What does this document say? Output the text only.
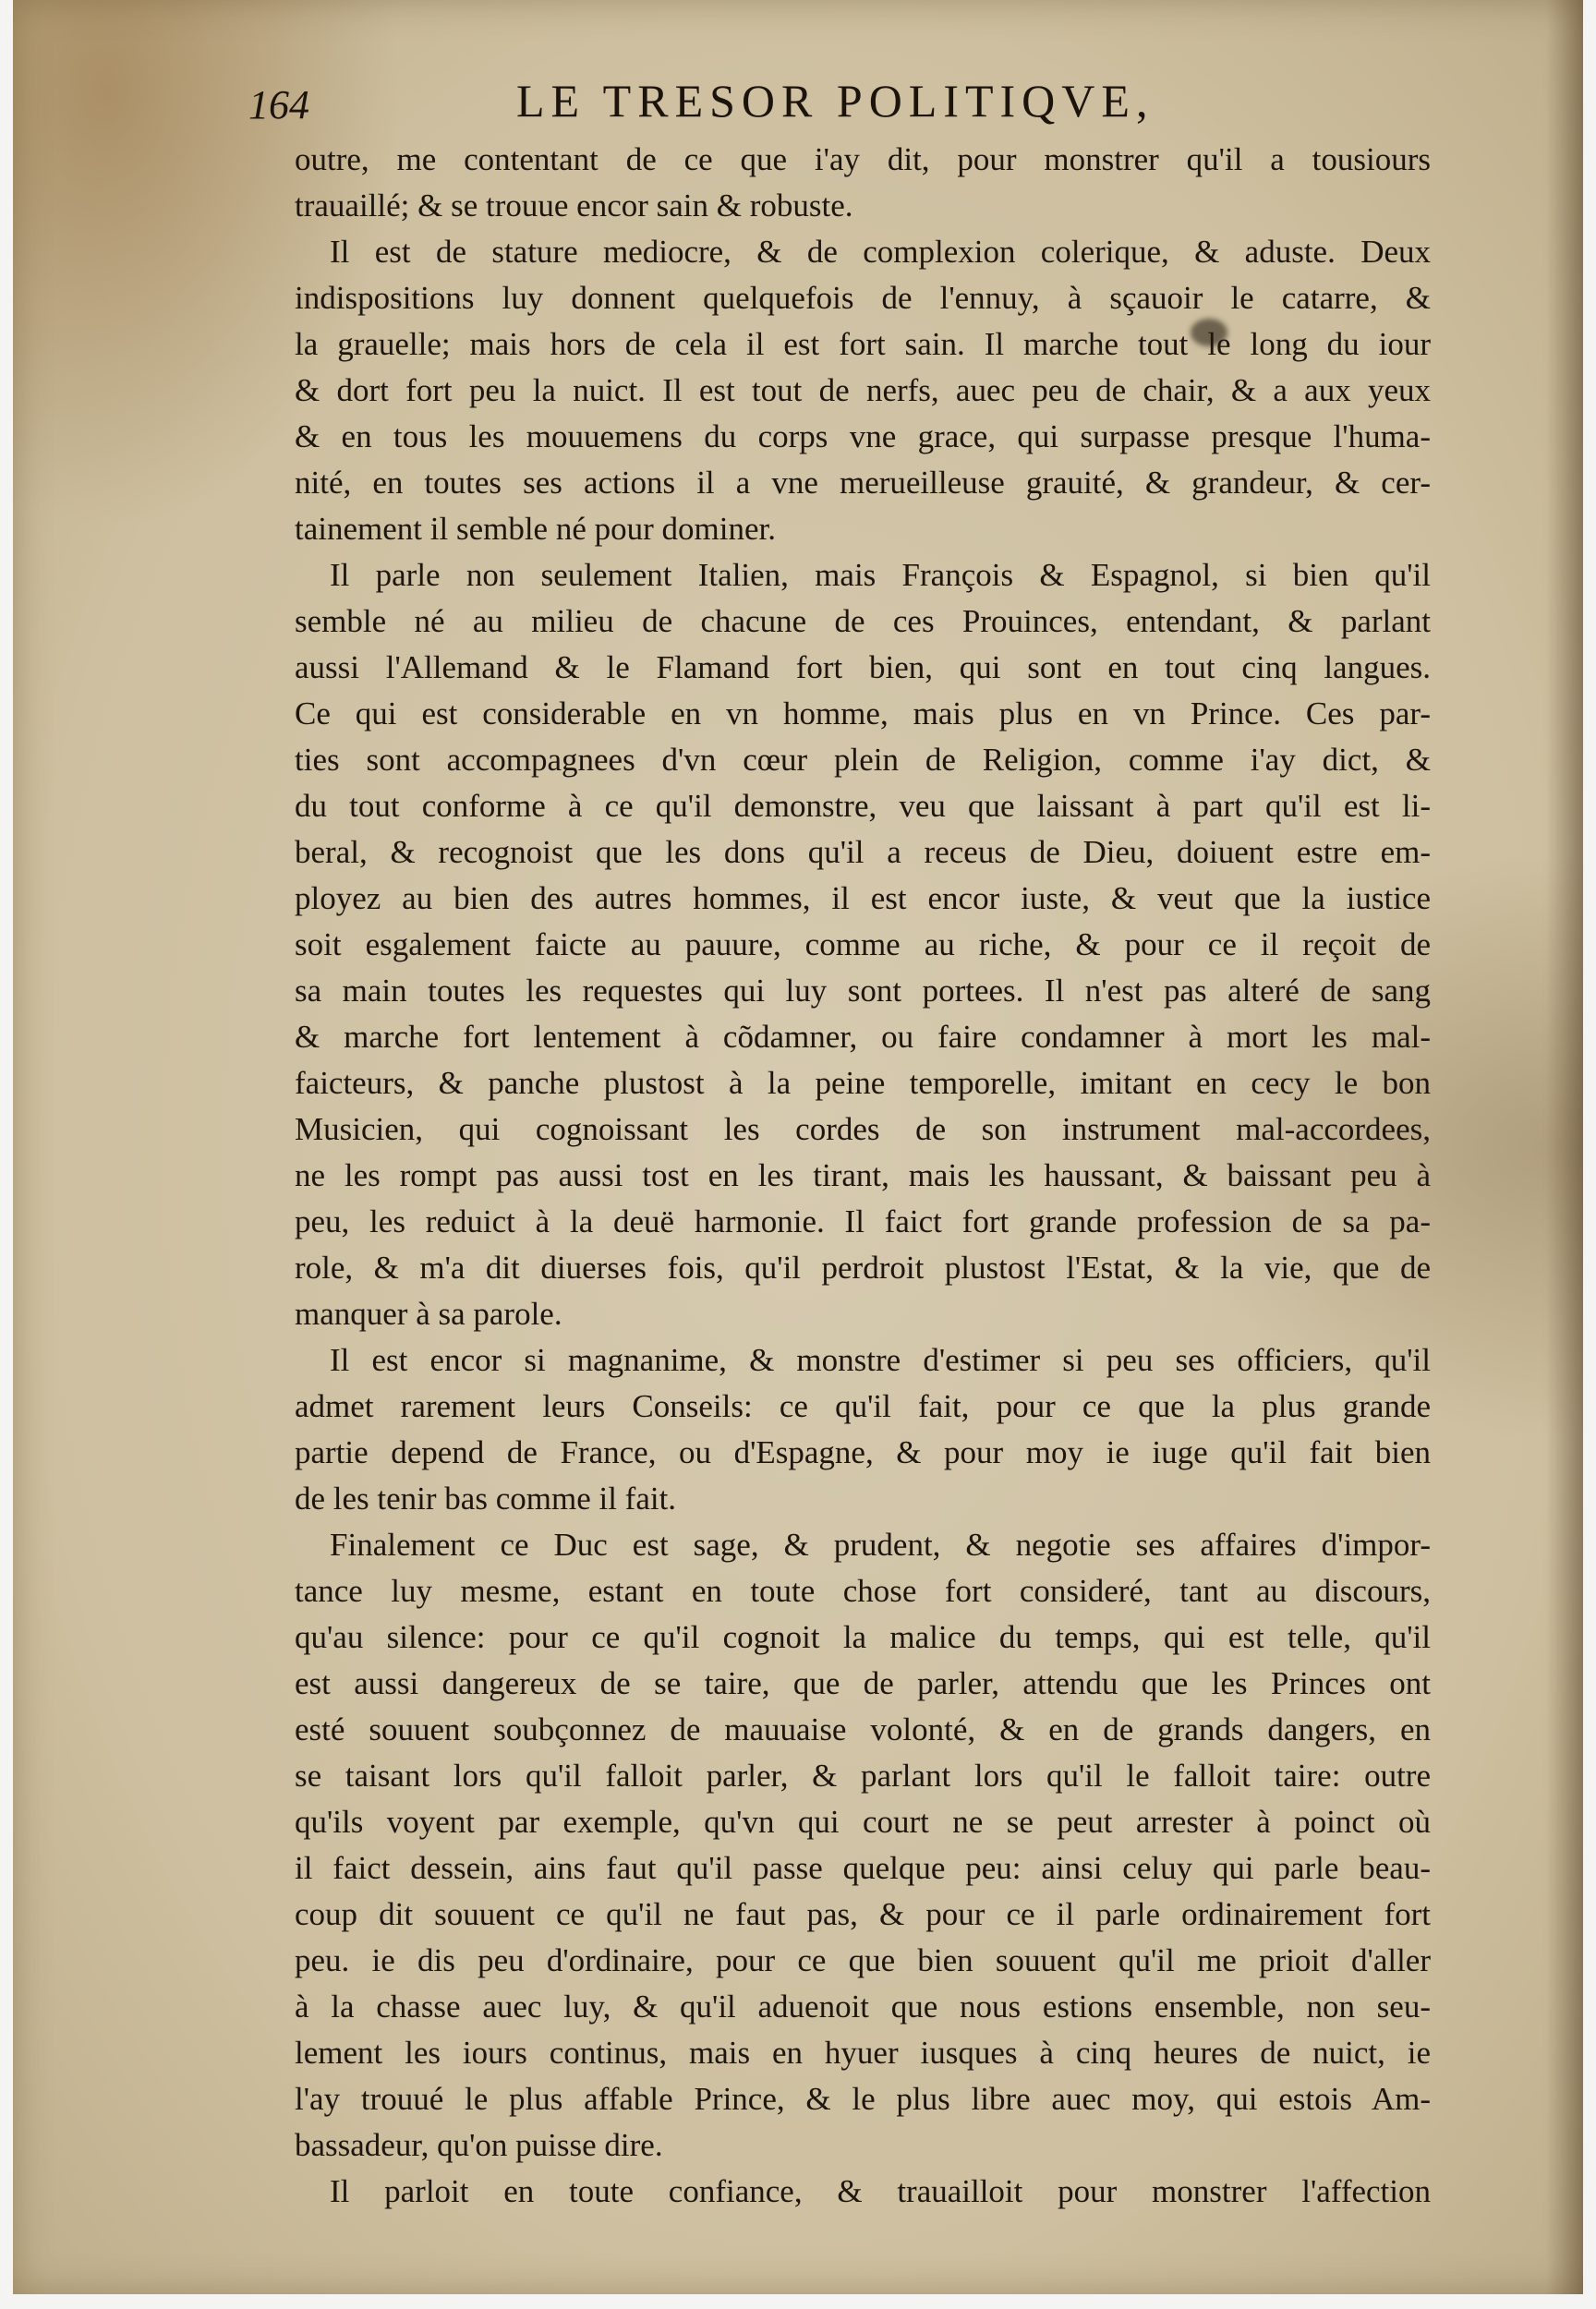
164	LE TRESOR POLITIQVE,
outre, me contentant de ce que i'ay dit, pour monstrer qu'il a tousiours
trauaillé; & se trouue encor sain & robuste.
Il est de stature mediocre, & de complexion colerique, & aduste. Deux
indispositions luy donnent quelquefois de l'ennuy, à sçauoir le catarre, &
la grauelle; mais hors de cela il est fort sain. Il marche tout le long du iour
& dort fort peu la nuict. Il est tout de nerfs, auec peu de chair, & a aux yeux
& en tous les mouuemens du corps vne grace, qui surpasse presque l'huma-
nité, en toutes ses actions il a vne merueilleuse grauité, & grandeur, & cer-
tainement il semble né pour dominer.
Il parle non seulement Italien, mais François & Espagnol, si bien qu'il
semble né au milieu de chacune de ces Prouinces, entendant, & parlant
aussi l'Allemand & le Flamand fort bien, qui sont en tout cinq langues.
Ce qui est considerable en vn homme, mais plus en vn Prince. Ces par-
ties sont accompagnees d'vn cœur plein de Religion, comme i'ay dict, &
du tout conforme à ce qu'il demonstre, veu que laissant à part qu'il est li-
beral, & recognoist que les dons qu'il a receus de Dieu, doiuent estre em-
ployez au bien des autres hommes, il est encor iuste, & veut que la iustice
soit esgalement faicte au pauure, comme au riche, & pour ce il reçoit de
sa main toutes les requestes qui luy sont portees. Il n'est pas alteré de sang
& marche fort lentement à cõdamner, ou faire condamner à mort les mal-
faicteurs, & panche plustost à la peine temporelle, imitant en cecy le bon
Musicien, qui cognoissant les cordes de son instrument mal-accordees,
ne les rompt pas aussi tost en les tirant, mais les haussant, & baissant peu à
peu, les reduict à la deuë harmonie. Il faict fort grande profession de sa pa-
role, & m'a dit diuerses fois, qu'il perdroit plustost l'Estat, & la vie, que de
manquer à sa parole.
Il est encor si magnanime, & monstre d'estimer si peu ses officiers, qu'il
admet rarement leurs Conseils: ce qu'il fait, pour ce que la plus grande
partie depend de France, ou d'Espagne, & pour moy ie iuge qu'il fait bien
de les tenir bas comme il fait.
Finalement ce Duc est sage, & prudent, & negotie ses affaires d'impor-
tance luy mesme, estant en toute chose fort consideré, tant au discours,
qu'au silence: pour ce qu'il cognoit la malice du temps, qui est telle, qu'il
est aussi dangereux de se taire, que de parler, attendu que les Princes ont
esté souuent soubçonnez de mauuaise volonté, & en de grands dangers, en
se taisant lors qu'il falloit parler, & parlant lors qu'il le falloit taire: outre
qu'ils voyent par exemple, qu'vn qui court ne se peut arrester à poinct où
il faict dessein, ains faut qu'il passe quelque peu: ainsi celuy qui parle beau-
coup dit souuent ce qu'il ne faut pas, & pour ce il parle ordinairement fort
peu. ie dis peu d'ordinaire, pour ce que bien souuent qu'il me prioit d'aller
à la chasse auec luy, & qu'il aduenoit que nous estions ensemble, non seu-
lement les iours continus, mais en hyuer iusques à cinq heures de nuict, ie
l'ay trouué le plus affable Prince, & le plus libre auec moy, qui estois Am-
bassadeur, qu'on puisse dire.
Il parloit en toute confiance, & trauailloit pour monstrer l'affection
